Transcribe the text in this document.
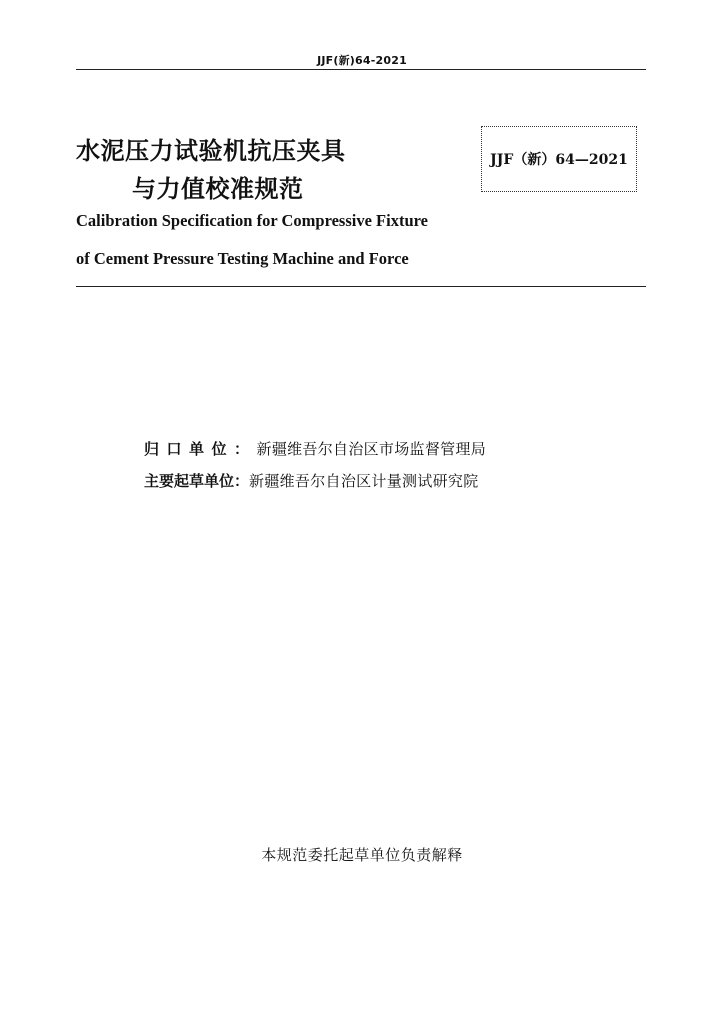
JJF(新)64-2021
水泥压力试验机抗压夹具
与力值校准规范
JJF（新）64—2021
Calibration Specification for Compressive Fixture
of Cement Pressure Testing Machine and Force
归口单位： 新疆维吾尔自治区市场监督管理局
主要起草单位： 新疆维吾尔自治区计量测试研究院
本规范委托起草单位负责解释
